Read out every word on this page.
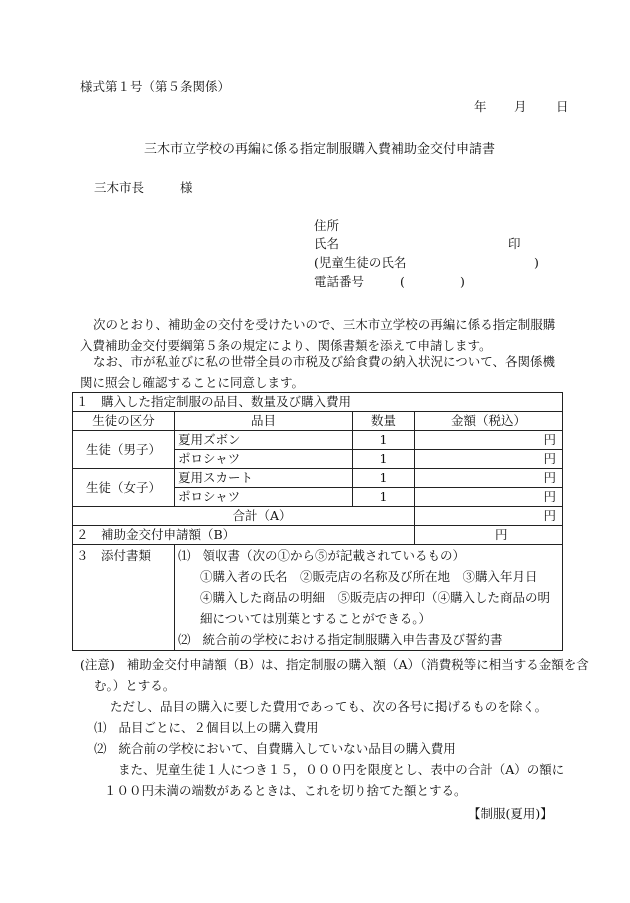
様式第１号（第５条関係）
年 月 日
三木市立学校の再編に係る指定制服購入費補助金交付申請書
三木市長	様
住所
氏名	印
(児童生徒の氏名	)
電話番号	(	)
次のとおり、補助金の交付を受けたいので、三木市立学校の再編に係る指定制服購入費補助金交付要綱第５条の規定により、関係書類を添えて申請します。
なお、市が私並びに私の世帯全員の市税及び給食費の納入状況について、各関係機関に照会し確認することに同意します。
１　購入した指定制服の品目、数量及び購入費用			
生徒の区分	品目	数量	金額（税込）
生徒（男子）	夏用ズボン	1	円
	ポロシャツ	1	円
生徒（女子）	夏用スカート	1	円
	ポロシャツ	1	円
合計（A）			円
２　補助金交付申請額（B）			円
３　添付書類	⑴ 領収書（次の①から⑤が記載されているもの）
①購入者の氏名　②販売店の名称及び所在地　③購入年月日　④購入した商品の明細　⑤販売店の押印（④購入した商品の明細については別葉とすることができる。）
⑵ 統合前の学校における指定制服購入申告書及び誓約書		
(注意) 補助金交付申請額（B）は、指定制服の購入額（A）（消費税等に相当する金額を含む。）とする。
ただし、品目の購入に要した費用であっても、次の各号に掲げるものを除く。
⑴ 品目ごとに、２個目以上の購入費用
⑵ 統合前の学校において、自費購入していない品目の購入費用
また、児童生徒１人につき１５，０００円を限度とし、表中の合計（A）の額に１００円未満の端数があるときは、これを切り捨てた額とする。
【制服(夏用)】
